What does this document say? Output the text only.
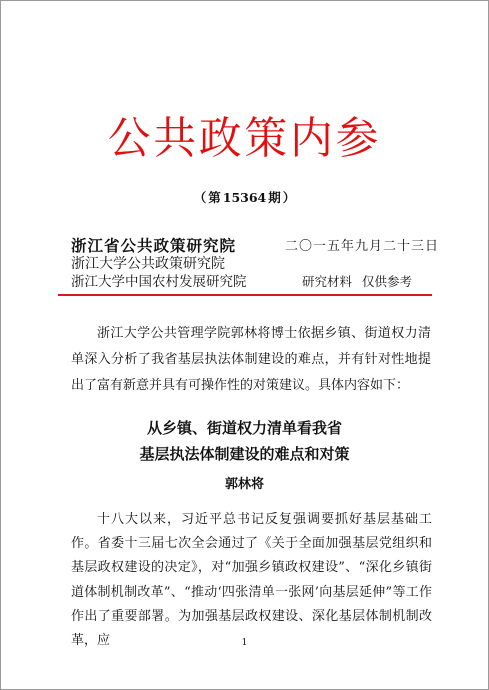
公共政策内参
（ 第 15364 期 ）
浙江省公共政策研究院
浙江大学公共政策研究院
浙江大学中国农村发展研究院
二〇一五年九月二十三日
研究材料 仅供参考

浙江大学公共管理学院郭林将博士依据乡镇、街道权力清单深入分析了我省基层执法体制建设的难点，并有针对性地提出了富有新意并具有可操作性的对策建议。具体内容如下：

从乡镇、街道权力清单看我省
基层执法体制建设的难点和对策
郭林将

十八大以来，习近平总书记反复强调要抓好基层基础工作。省委十三届七次全会通过了《关于全面加强基层党组织和基层政权建设的决定》，对“加强乡镇政权建设”、“深化乡镇街道体制机制改革”、“推动‘四张清单一张网’向基层延伸”等工作作出了重要部署。为加强基层政权建设、深化基层体制机制改革，应	1
